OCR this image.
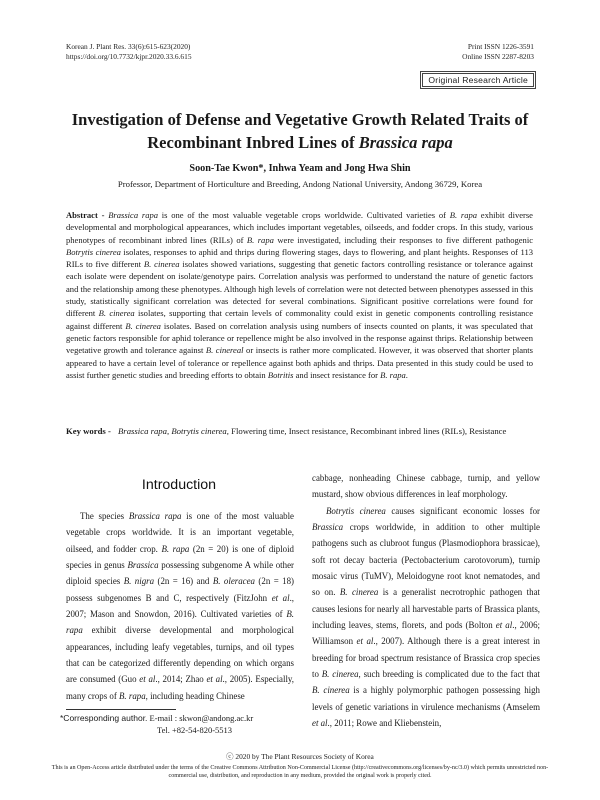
Korean J. Plant Res. 33(6):615-623(2020)
https://doi.org/10.7732/kjpr.2020.33.6.615
Print ISSN 1226-3591
Online ISSN 2287-8203
Original Research Article
Investigation of Defense and Vegetative Growth Related Traits of
Recombinant Inbred Lines of Brassica rapa
Soon-Tae Kwon*, Inhwa Yeam and Jong Hwa Shin
Professor, Department of Horticulture and Breeding, Andong National University, Andong 36729, Korea
Abstract - Brassica rapa is one of the most valuable vegetable crops worldwide. Cultivated varieties of B. rapa exhibit diverse developmental and morphological appearances, which includes important vegetables, oilseeds, and fodder crops. In this study, various phenotypes of recombinant inbred lines (RILs) of B. rapa were investigated, including their responses to five different pathogenic Botrytis cinerea isolates, responses to aphid and thrips during flowering stages, days to flowering, and plant heights. Responses of 113 RILs to five different B. cinerea isolates showed variations, suggesting that genetic factors controlling resistance or tolerance against each isolate were dependent on isolate/genotype pairs. Correlation analysis was performed to understand the nature of genetic factors and the relationship among these phenotypes. Although high levels of correlation were not detected between phenotypes assessed in this study, statistically significant correlation was detected for several combinations. Significant positive correlations were found for different B. cinerea isolates, supporting that certain levels of commonality could exist in genetic components controlling resistance against different B. cinerea isolates. Based on correlation analysis using numbers of insects counted on plants, it was speculated that genetic factors responsible for aphid tolerance or repellence might be also involved in the response against thrips. Relationship between vegetative growth and tolerance against B. cinereal or insects is rather more complicated. However, it was observed that shorter plants appeared to have a certain level of tolerance or repellence against both aphids and thrips. Data presented in this study could be used to assist further genetic studies and breeding efforts to obtain Botritis and insect resistance for B. rapa.
Key words - Brassica rapa, Botrytis cinerea, Flowering time, Insect resistance, Recombinant inbred lines (RILs), Resistance
Introduction
The species Brassica rapa is one of the most valuable vegetable crops worldwide. It is an important vegetable, oilseed, and fodder crop. B. rapa (2n = 20) is one of diploid species in genus Brassica possessing subgenome A while other diploid species B. nigra (2n = 16) and B. oleracea (2n = 18) possess subgenomes B and C, respectively (FitzJohn et al., 2007; Mason and Snowdon, 2016). Cultivated varieties of B. rapa exhibit diverse developmental and morphological appearances, including leafy vegetables, turnips, and oil types that can be categorized differently depending on which organs are consumed (Guo et al., 2014; Zhao et al., 2005). Especially, many crops of B. rapa, including heading Chinese

cabbage, nonheading Chinese cabbage, turnip, and yellow mustard, show obvious differences in leaf morphology.

Botrytis cinerea causes significant economic losses for Brassica crops worldwide, in addition to other multiple pathogens such as clubroot fungus (Plasmodiophora brassicae), soft rot decay bacteria (Pectobacterium carotovorum), turnip mosaic virus (TuMV), Meloidogyne root knot nematodes, and so on. B. cinerea is a generalist necrotrophic pathogen that causes lesions for nearly all harvestable parts of Brassica plants, including leaves, stems, florets, and pods (Bolton et al., 2006; Williamson et al., 2007). Although there is a great interest in breeding for broad spectrum resistance of Brassica crop species to B. cinerea, such breeding is complicated due to the fact that B. cinerea is a highly polymorphic pathogen possessing high levels of genetic variations in virulence mechanisms (Amselem et al., 2011; Rowe and Kliebenstein,

*Corresponding author. E-mail : skwon@andong.ac.kr
Tel. +82-54-820-5513
ⓒ 2020 by The Plant Resources Society of Korea
This is an Open-Access article distributed under the terms of the Creative Commons Attribution Non-Commercial License (http://creativecommons.org/licenses/by-nc/3.0) which permits unrestricted non-commercial use, distribution, and reproduction in any medium, provided the original work is properly cited.
